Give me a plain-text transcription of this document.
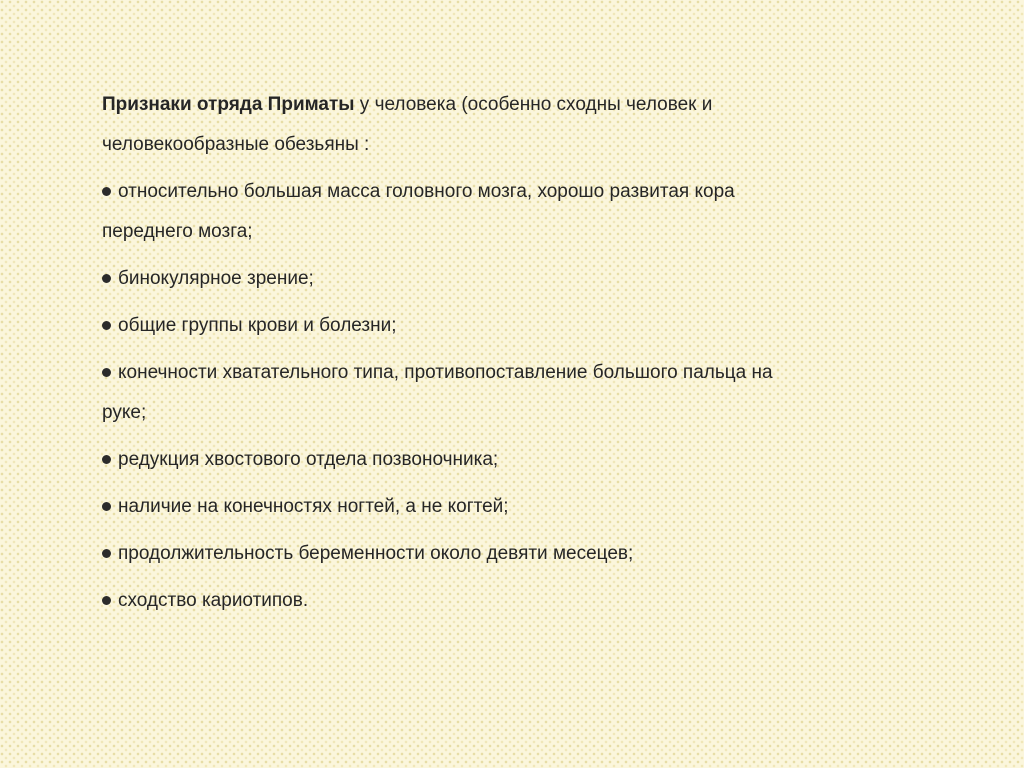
Признаки отряда Приматы у человека (особенно сходны человек и человекообразные обезьяны :

относительно большая масса головного мозга, хорошо развитая кора переднего мозга;
бинокулярное зрение;
общие группы крови и болезни;
конечности хватательного типа, противопоставление большого пальца на руке;
редукция хвостового отдела позвоночника;
наличие на конечностях ногтей, а не когтей;
продолжительность беременности около девяти месецев;
сходство кариотипов.
